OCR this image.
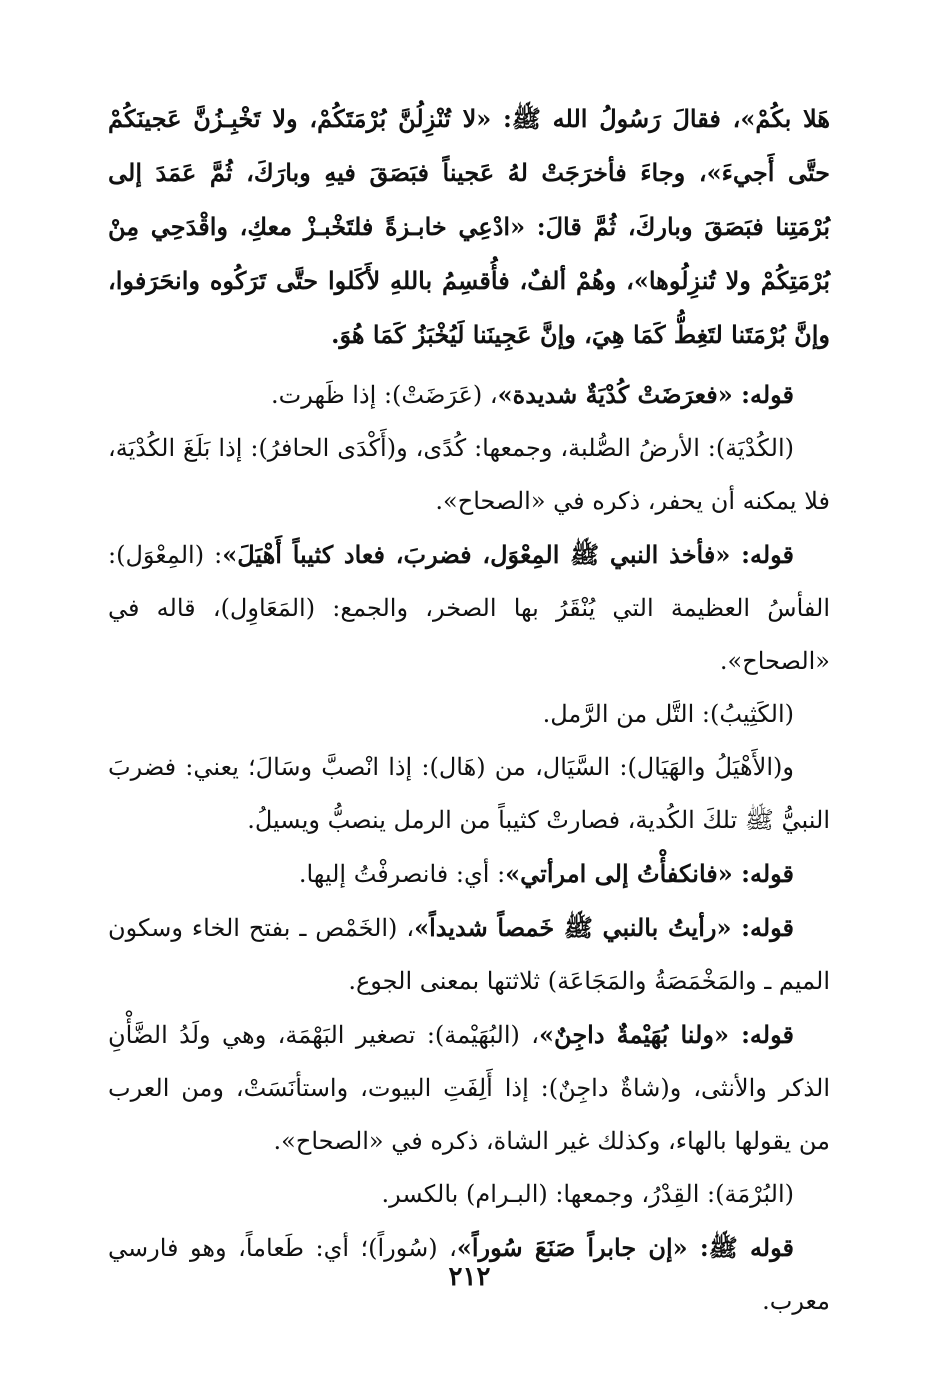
هَلا بكُمْ»، فقالَ رَسُولُ الله ﷺ: «لا تُنْزِلُنَّ بُرْمَتَكُمْ، ولا تَخْبِـزُنَّ عَجينَكُمْ حتَّى أَجيءَ»، وجاءَ فأخرَجَتْ لهُ عَجيناً فبَصَقَ فيهِ وبارَكَ، ثُمَّ عَمَدَ إلى بُرْمَتِنا فبَصَقَ وباركَ، ثُمَّ قالَ: «ادْعِي خابـزةً فلتَخْبـزْ معكِ، واقْدَحِي مِنْ بُرْمَتِكُمْ ولا تُنزِلُوها»، وهُمْ ألفٌ، فأُقسِمُ باللهِ لأَكَلوا حتَّى تَرَكُوه وانحَرَفوا، وإنَّ بُرْمَتَنا لتَغِطُّ كَمَا هِيَ، وإنَّ عَجِينَنا لَيُخْبَزُ كَمَا هُوَ.

قوله: «فعرَضَتْ كُدْيَةٌ شديدة»، (عَرَضَتْ): إذا ظَهرت.

(الكُدْيَة): الأرضُ الصُّلبة، وجمعها: كُدًى، و(أَكْدَى الحافرُ): إذا بَلَغَ الكُدْيَة، فلا يمكنه أن يحفر، ذكره في «الصحاح».

قوله: «فأخذ النبي ﷺ المِعْوَل، فضربَ، فعاد كثيباً أَهْيَلَ»: (المِعْوَل): الفأسُ العظيمة التي يُنْقَرُ بها الصخر، والجمع: (المَعَاوِل)، قاله في «الصحاح».

(الكَثِيبُ): التَّل من الرَّمل.

و(الأَهْيَلُ والهَيَال): السَّيَال، من (هَال): إذا انْصبَّ وسَالَ؛ يعني: فضربَ النبيُّ ﷺ تلكَ الكُدية، فصارتْ كثيباً من الرمل ينصبُّ ويسيلُ.

قوله: «فانكفأْتُ إلى امرأتي»: أي: فانصرفْتُ إليها.

قوله: «رأيتُ بالنبي ﷺ خَمصاً شديداً»، (الخَمْص ـ بفتح الخاء وسكون الميم ـ والمَخْمَصَةُ والمَجَاعَة) ثلاثتها بمعنى الجوع.

قوله: «ولنا بُهَيْمةٌ داجِنٌ»، (البُهَيْمة): تصغير البَهْمَة، وهي ولَدُ الضَّأْنِ الذكر والأنثى، و(شاةٌ داجِنٌ): إذا أَلِفَتِ البيوت، واستأنَسَتْ، ومن العرب من يقولها بالهاء، وكذلك غير الشاة، ذكره في «الصحاح».

(البُرْمَة): القِدْرُ، وجمعها: (البـرام) بالكسر.

قوله ﷺ: «إن جابراً صَنَعَ سُوراً»، (سُوراً)؛ أي: طَعاماً، وهو فارسي معرب.

٢١٢
